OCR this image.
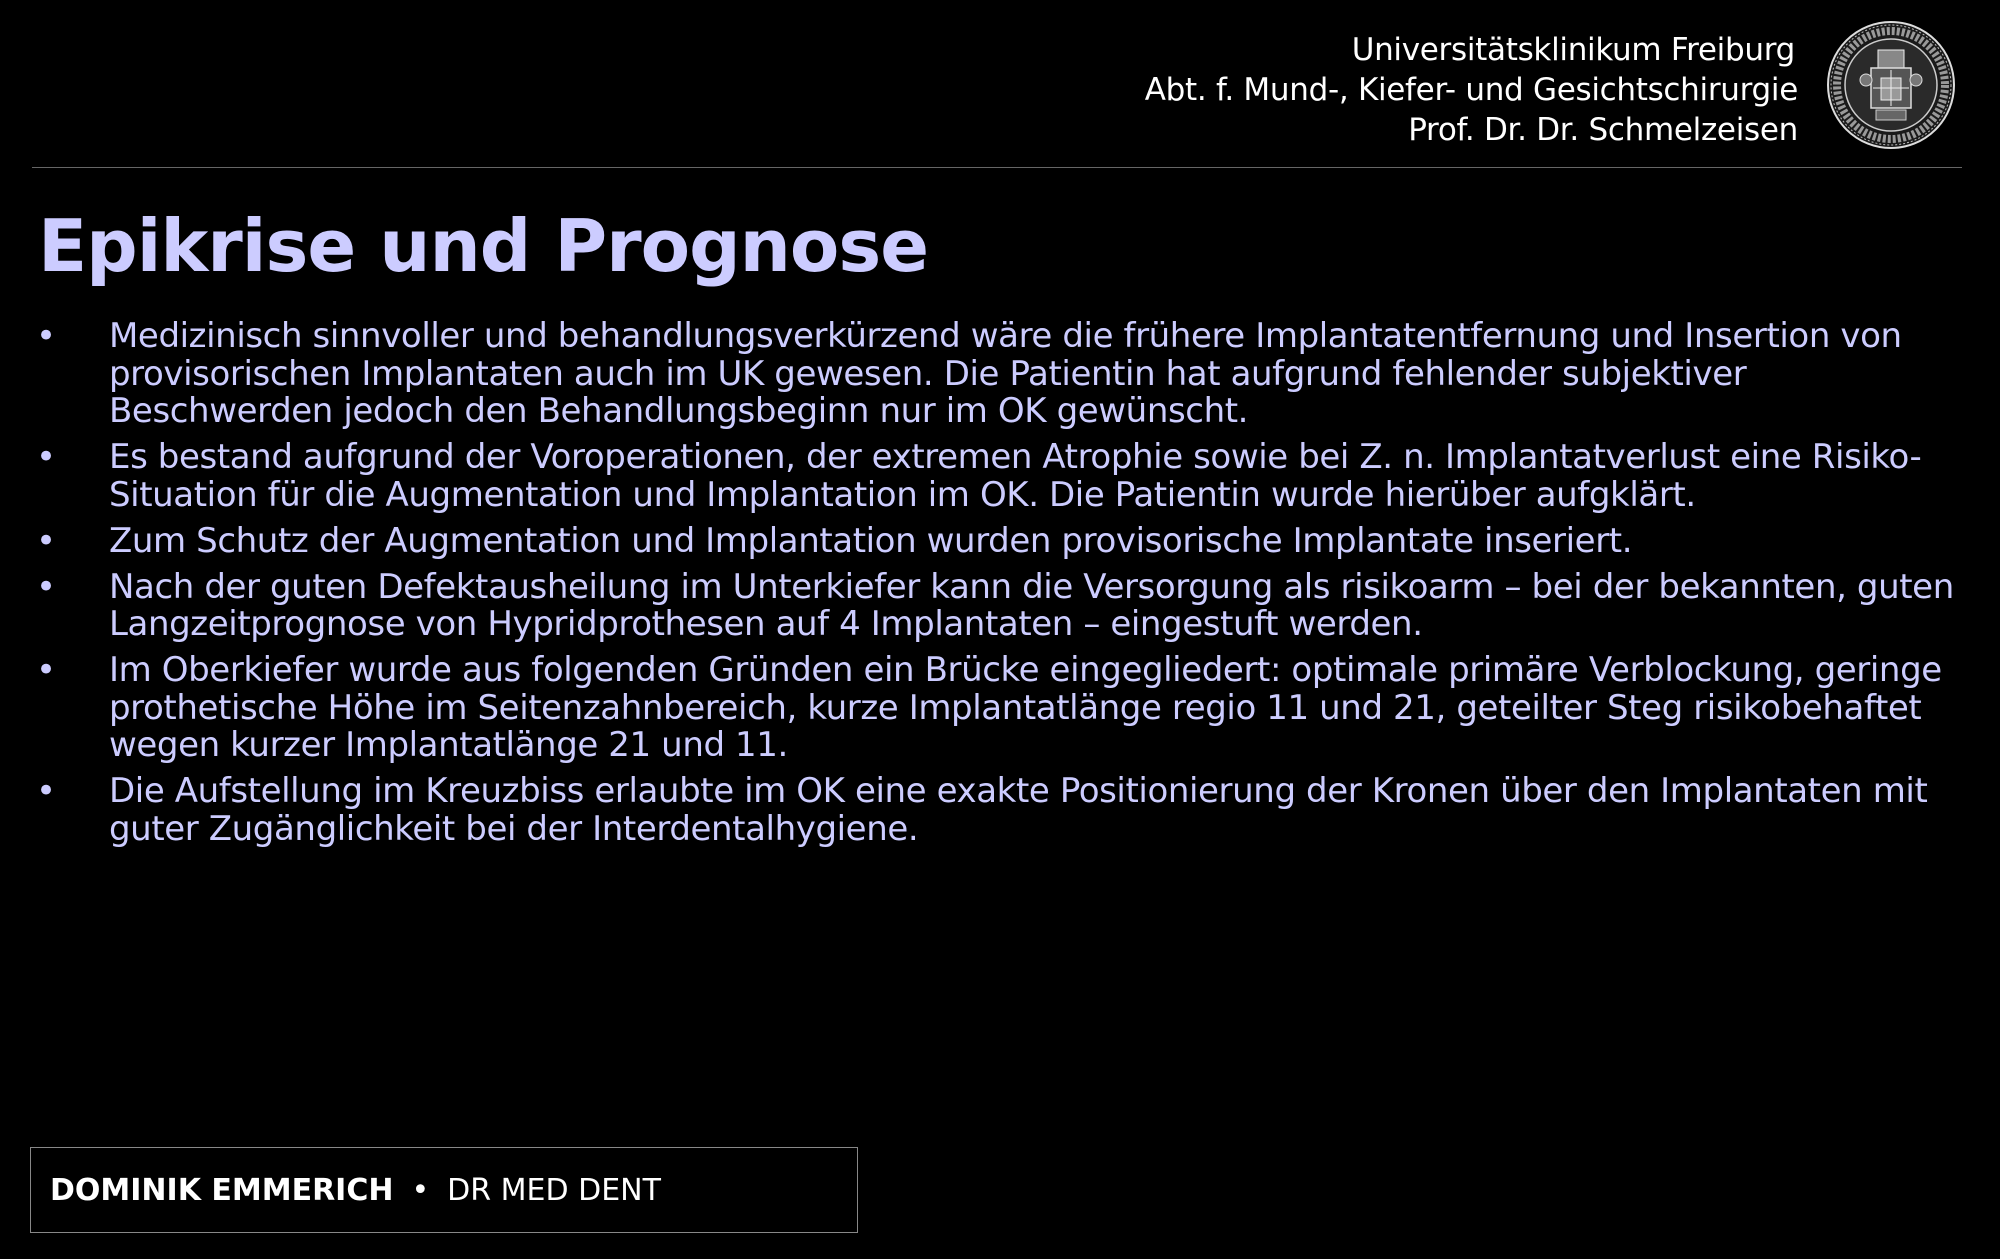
Universitätsklinikum Freiburg
Abt. f. Mund-, Kiefer- und Gesichtschirurgie
Prof. Dr. Dr. Schmelzeisen
Epikrise und Prognose
•	Medizinisch sinnvoller und behandlungsverkürzend wäre die frühere Implantatentfernung und Insertion von provisorischen Implantaten auch im UK gewesen. Die Patientin hat aufgrund fehlender subjektiver Beschwerden jedoch den Behandlungsbeginn nur im OK gewünscht.
•	Es bestand aufgrund der Voroperationen, der extremen Atrophie sowie bei Z. n. Implantatverlust eine Risiko-Situation für die Augmentation und Implantation im OK. Die Patientin wurde hierüber aufgklärt.
•	Zum Schutz der Augmentation und Implantation wurden provisorische Implantate inseriert.
•	Nach der guten Defektausheilung im Unterkiefer kann die Versorgung als risikoarm – bei der bekannten, guten Langzeitprognose von Hypridprothesen auf 4 Implantaten – eingestuft werden.
•	Im Oberkiefer wurde aus folgenden Gründen ein Brücke eingegliedert: optimale primäre Verblockung, geringe prothetische Höhe im Seitenzahnbereich, kurze Implantatlänge regio 11 und 21, geteilter Steg risikobehaftet wegen kurzer Implantatlänge 21 und 11.
•	Die Aufstellung im Kreuzbiss erlaubte im OK eine exakte Positionierung der Kronen über den Implantaten mit guter Zugänglichkeit bei der Interdentalhygiene.
DOMINIK EMMERICH • DR MED DENT
